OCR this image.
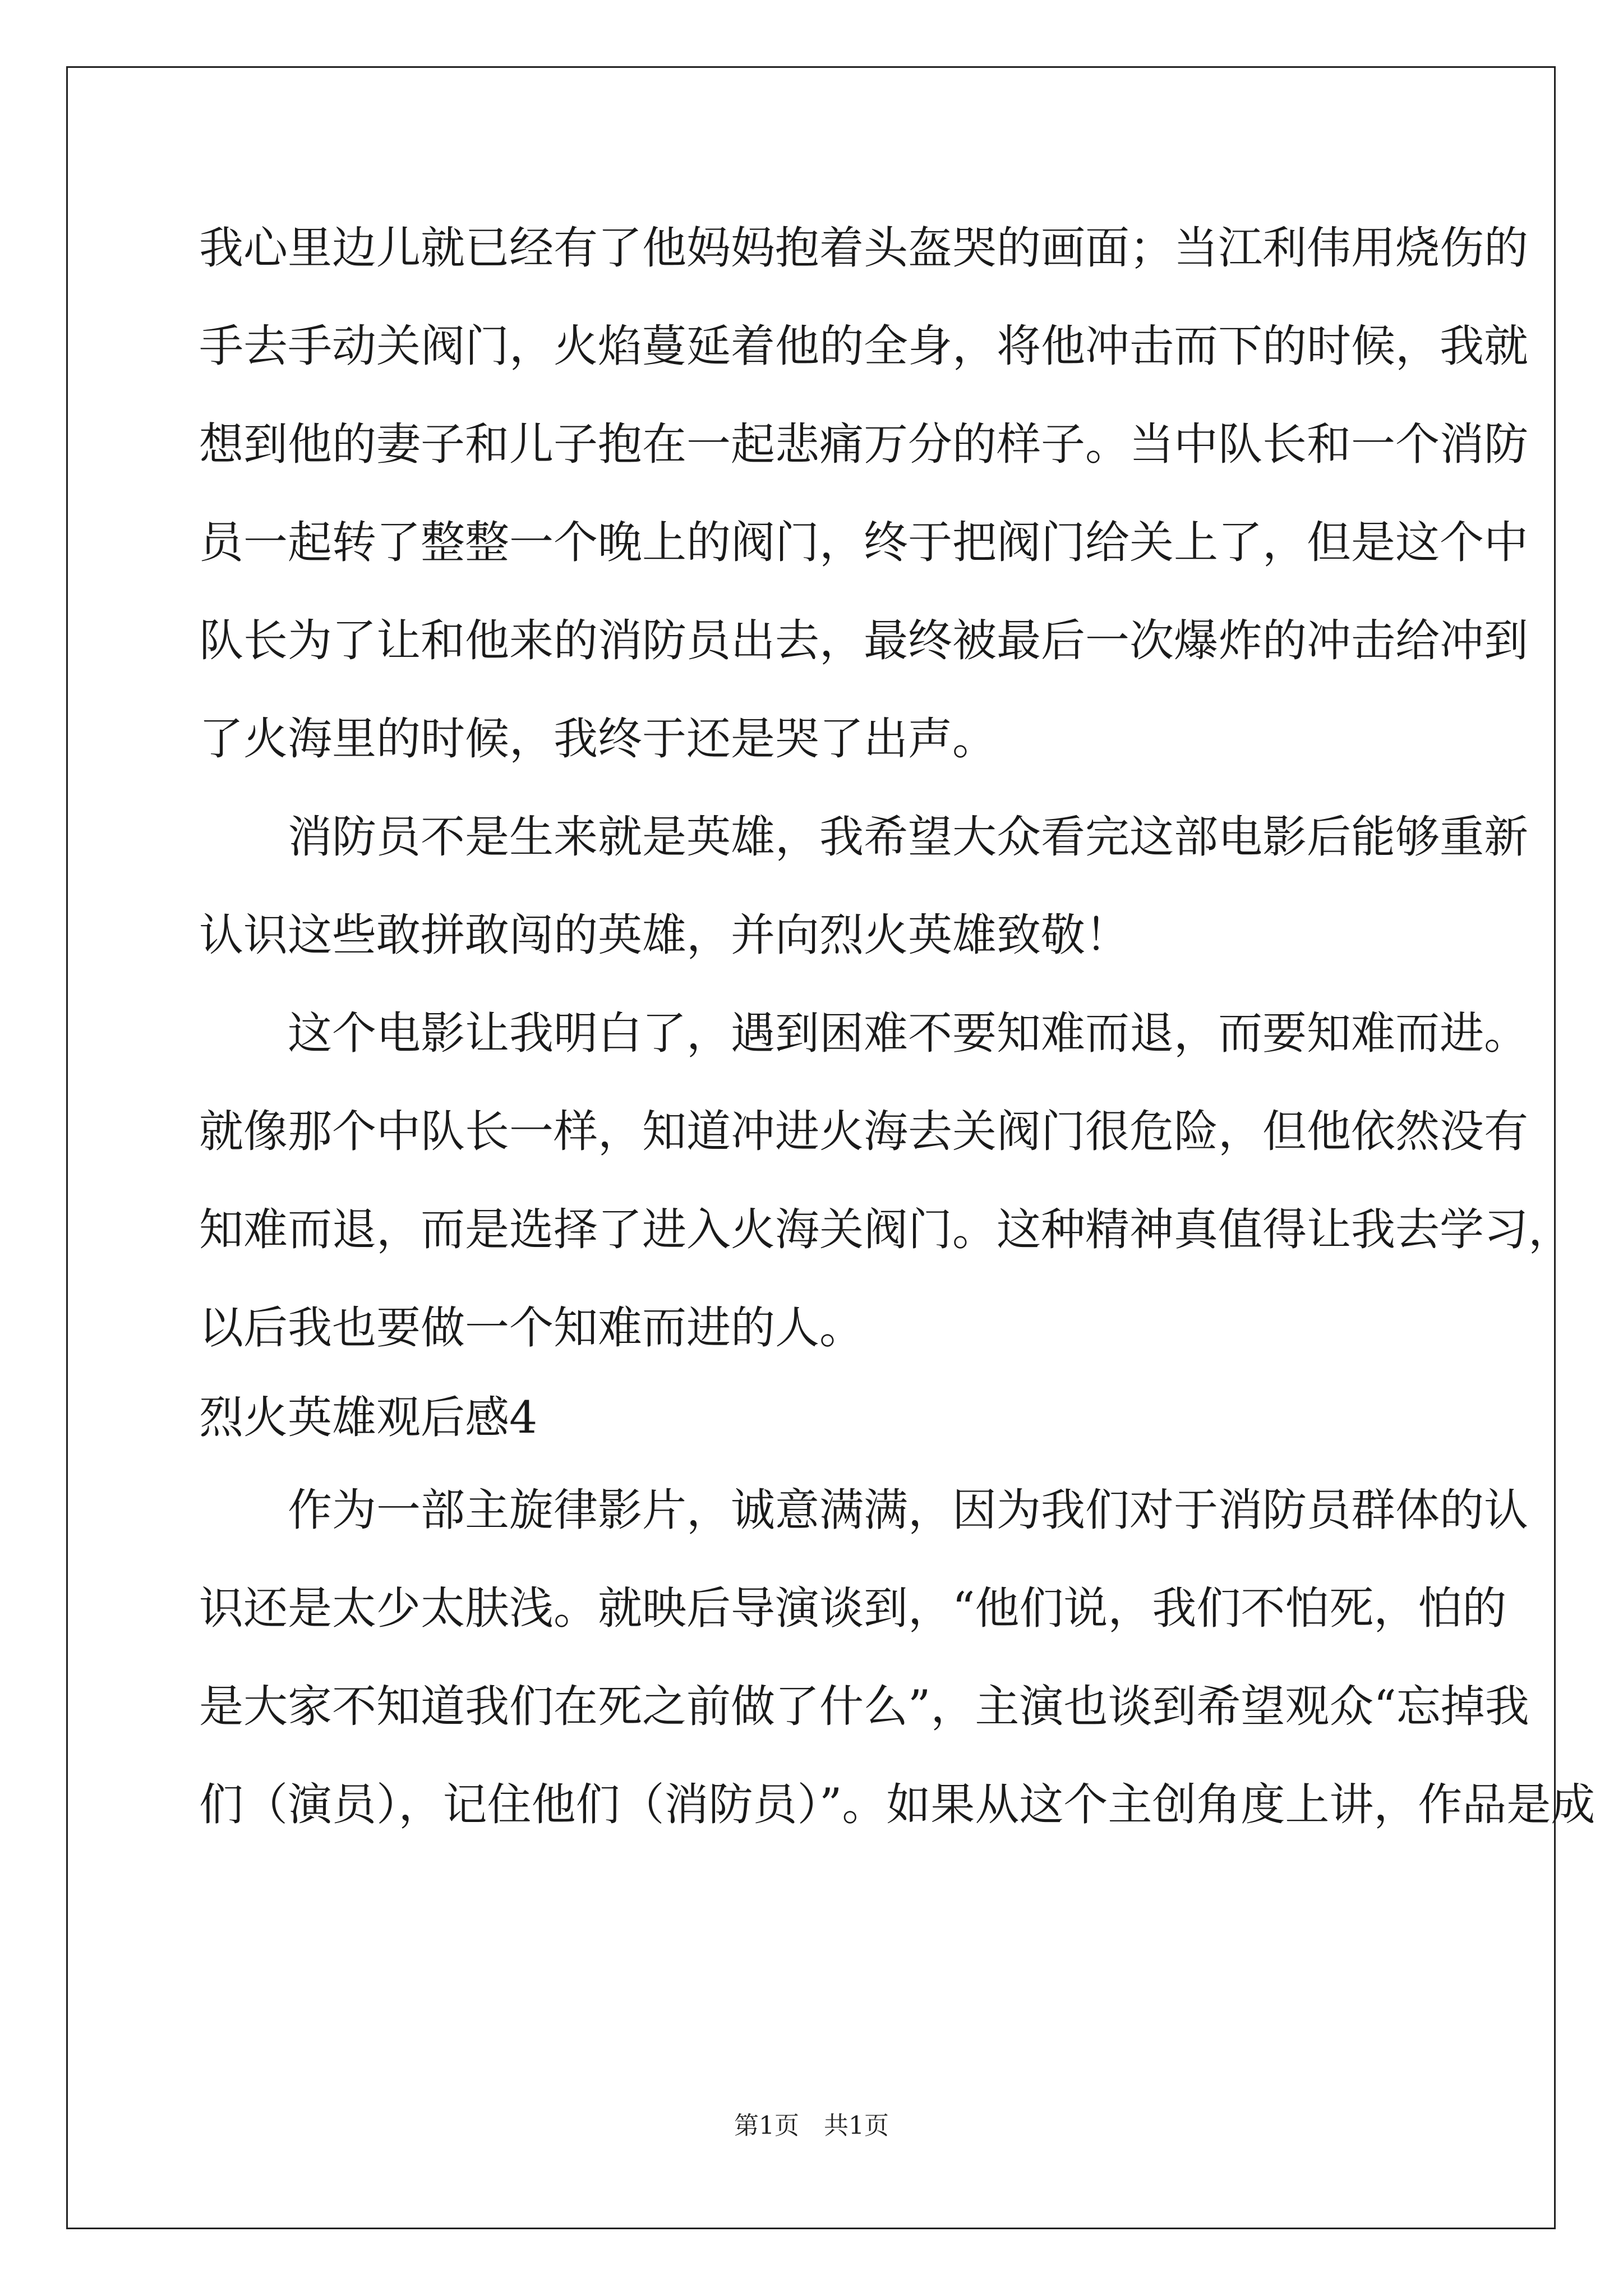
我心里边儿就已经有了他妈妈抱着头盔哭的画面；当江利伟用烧伤的
手去手动关阀门，火焰蔓延着他的全身，将他冲击而下的时候，我就
想到他的妻子和儿子抱在一起悲痛万分的样子。当中队长和一个消防
员一起转了整整一个晚上的阀门，终于把阀门给关上了，但是这个中
队长为了让和他来的消防员出去，最终被最后一次爆炸的冲击给冲到
了火海里的时候，我终于还是哭了出声。
　　消防员不是生来就是英雄，我希望大众看完这部电影后能够重新
认识这些敢拼敢闯的英雄，并向烈火英雄致敬！
　　这个电影让我明白了，遇到困难不要知难而退，而要知难而进。
就像那个中队长一样，知道冲进火海去关阀门很危险，但他依然没有
知难而退，而是选择了进入火海关阀门。这种精神真值得让我去学习，
以后我也要做一个知难而进的人。
烈火英雄观后感4
　　作为一部主旋律影片，诚意满满，因为我们对于消防员群体的认
识还是太少太肤浅。就映后导演谈到，“他们说，我们不怕死，怕的
是大家不知道我们在死之前做了什么”，主演也谈到希望观众“忘掉我
们（演员），记住他们（消防员）”。如果从这个主创角度上讲，作品是成
第1页　共1页
